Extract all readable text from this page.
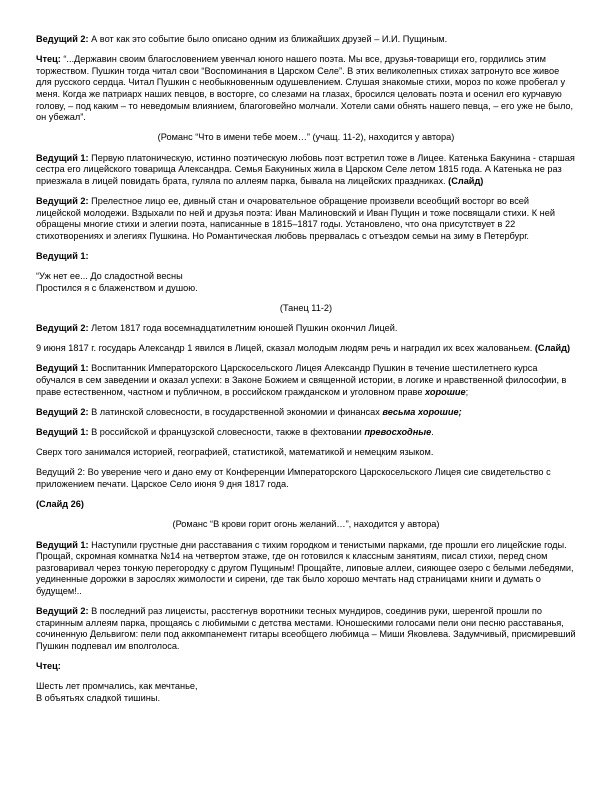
Ведущий 2: А вот как это событие было описано одним из ближайших друзей – И.И. Пущиным.

Чтец: “...Державин своим благословением увенчал юного нашего поэта. Мы все, друзья-товарищи его, гордились этим торжеством. Пушкин тогда читал свои “Воспоминания в Царском Селе”. В этих великолепных стихах затронуто все живое для русского сердца. Читал Пушкин с необыкновенным одушевлением. Слушая знакомые стихи, мороз по коже пробегал у меня. Когда же патриарх наших певцов, в восторге, со слезами на глазах, бросился целовать поэта и осенил его курчавую голову, – под каким – то неведомым влиянием, благоговейно молчали. Хотели сами обнять нашего певца, – его уже не было, он убежал”.

(Романс “Что в имени тебе моем…” (учащ. 11-2), находится у автора)

Ведущий 1: Первую платоническую, истинно поэтическую любовь поэт встретил тоже в Лицее. Катенька Бакунина - старшая сестра его лицейского товарища Александра. Семья Бакуниных жила в Царском Селе летом 1815 года. А Катенька не раз приезжала в лицей повидать брата, гуляла по аллеям парка, бывала на лицейских праздниках. (Слайд)

Ведущий 2: Прелестное лицо ее, дивный стан и очаровательное обращение произвели всеобщий восторг во всей лицейской молодежи. Вздыхали по ней и друзья поэта: Иван Малиновский и Иван Пущин и тоже посвящали стихи. К ней обращены многие стихи и элегии поэта, написанные в 1815–1817 годы. Установлено, что она присутствует в 22 стихотворениях и элегиях Пушкина. Но Романтическая любовь прервалась с отъездом семьи на зиму в Петербург.

Ведущий 1:

“Уж нет ее... До сладостной весны

Простился я с блаженством и душою.

(Танец 11-2)

Ведущий 2: Летом 1817 года восемнадцатилетним юношей Пушкин окончил Лицей.

9 июня 1817 г. государь Александр 1 явился в Лицей, сказал молодым людям речь и наградил их всех жалованьем. (Слайд)

Ведущий 1: Воспитанник Императорского Царскосельского Лицея Александр Пушкин в течение шестилетнего курса обучался в сем заведении и оказал успехи: в Законе Божием и священной истории, в логике и нравственной философии, в праве естественном, частном и публичном, в российском гражданском и уголовном праве хорошие;

Ведущий 2: В латинской словесности, в государственной экономии и финансах весьма хорошие;

Ведущий 1: В российской и французской словесности, также в фехтовании превосходные.

Сверх того занимался историей, географией, статистикой, математикой и немецким языком.

Ведущий 2: Во уверение чего и дано ему от Конференции Императорского Царскосельского Лицея сие свидетельство с приложением печати. Царское Село июня 9 дня 1817 года.

(Слайд 26)

(Романс “В крови горит огонь желаний…”, находится у автора)

Ведущий 1: Наступили грустные дни расставания с тихим городком и тенистыми парками, где прошли его лицейские годы. Прощай, скромная комнатка №14 на четвертом этаже, где он готовился к классным занятиям, писал стихи, перед сном разговаривал через тонкую перегородку с другом Пущиным! Прощайте, липовые аллеи, сияющее озеро с белыми лебедями, уединенные дорожки в зарослях жимолости и сирени, где так было хорошо мечтать над страницами книги и думать о будущем!..

Ведущий 2: В последний раз лицеисты, расстегнув воротники тесных мундиров, соединив руки, шеренгой прошли по старинным аллеям парка, прощаясь с любимыми с детства местами. Юношескими голосами пели они песню расставанья, сочиненную Дельвигом: пели под аккомпанемент гитары всеобщего любимца – Миши Яковлева. Задумчивый, присмиревший Пушкин подпевал им вполголоса.

Чтец:

Шесть лет промчались, как мечтанье,

В объятьях сладкой тишины.
